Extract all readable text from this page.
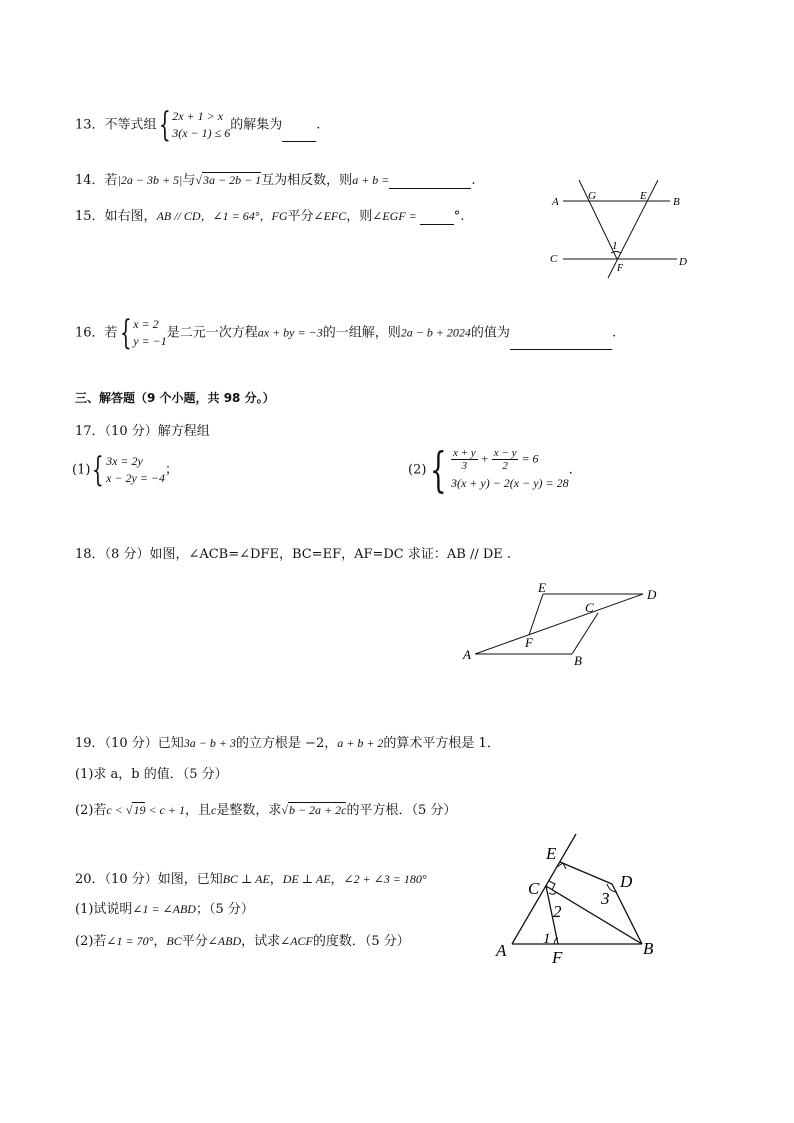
13．不等式组 { 2x + 1 > x
3(x − 1) ≤ 6
的解集为	.
14．若|2a − 3b + 5|与√3a − 2b − 1互为相反数，则a + b =	.
15．如右图，AB // CD，∠1 = 64°，FG平分∠EFC，则∠EGF =	°.
A	B
C	D
E
F
G
1
16．若 { x = 2
y = −1
是二元一次方程ax + by = −3的一组解，则2a − b + 2024的值为	.
三、解答题（9 个小题，共 98 分。）
17．（10 分）解方程组
(1) { 3x = 2y
x − 2y = −4
；	(2) { $\frac{x + y}{3} + \frac{x - y}{2} = 6$
3(x + y) − 2(x − y) = 28
.
18．（8 分）如图，∠ACB=∠DFE，BC=EF，AF=DC 求证：AB // DE .
A	B
C
D
E
F
19．（10 分）已知3a − b + 3的立方根是 −2，a + b + 2的算术平方根是 1．
(1)求 a，b 的值．（5 分）
(2)若c < √19 < c + 1，且c是整数，求√b − 2a + 2c的平方根．（5 分）
20．（10 分）如图，已知BC ⊥ AE，DE ⊥ AE，∠2 + ∠3 = 180°
(1)试说明∠1 = ∠ABD；（5 分）
(2)若∠1 = 70°，BC平分∠ABD，试求∠ACF的度数．（5 分）	A	B
C	D
E
F
1
2
3
